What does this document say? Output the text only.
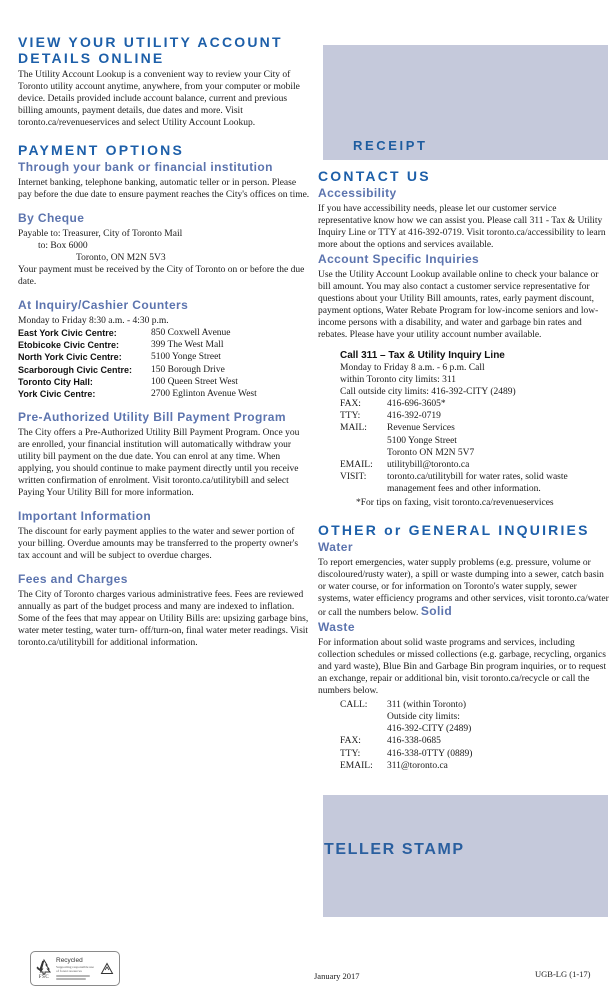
VIEW YOUR UTILITY ACCOUNT DETAILS ONLINE

The Utility Account Lookup is a convenient way to review your City of Toronto utility account anytime, anywhere, from your computer or mobile device. Details provided include account balance, current and previous billing amounts, payment details, due dates and more. Visit toronto.ca/revenueservices and select Utility Account Lookup.

PAYMENT OPTIONS
Through your bank or financial institution

Internet banking, telephone banking, automatic teller or in person. Please pay before the due date to ensure payment reaches the City's offices on time.

By Cheque
Payable to: Treasurer, City of Toronto Mail
to: Box 6000
Toronto, ON M2N 5V3

Your payment must be received by the City of Toronto on or before the due date.

At Inquiry/Cashier Counters
Monday to Friday 8:30 a.m. - 4:30 p.m.
East York Civic Centre:	850 Coxwell Avenue
Etobicoke Civic Centre:	399 The West Mall
North York Civic Centre:	5100 Yonge Street
Scarborough Civic Centre:	150 Borough Drive
Toronto City Hall:	100 Queen Street West
York Civic Centre:	2700 Eglinton Avenue West
Pre-Authorized Utility Bill Payment Program

The City offers a Pre-Authorized Utility Bill Payment Program. Once you are enrolled, your financial institution will automatically withdraw your utility bill payment on the due date. You can enrol at any time. When applying, you should continue to make payment directly until you receive written confirmation of enrolment. Visit toronto.ca/utilitybill and select Paying Your Utility Bill for more information.

Important Information

The discount for early payment applies to the water and sewer portion of your billing. Overdue amounts may be transferred to the property owner's tax account and will be subject to overdue charges.

Fees and Charges

The City of Toronto charges various administrative fees. Fees are reviewed annually as part of the budget process and many are indexed to inflation. Some of the fees that may appear on Utility Bills are: upsizing garbage bins, water meter testing, water turn- off/turn-on, final water meter readings. Visit toronto.ca/utilitybill for additional information.

RECEIPT
CONTACT US
Accessibility

If you have accessibility needs, please let our customer service representative know how we can assist you. Please call 311 - Tax & Utility Inquiry Line or TTY at 416-392-0719. Visit toronto.ca/accessibility to learn more about the options and services available.

Account Specific Inquiries

Use the Utility Account Lookup available online to check your balance or bill amount. You may also contact a customer service representative for questions about your Utility Bill amounts, rates, early payment discount, payment options, Water Rebate Program for low-income seniors and low-income persons with a disability, and water and garbage bin rates and rebates. Please have your utility account number available.

Call 311 – Tax & Utility Inquiry Line
Monday to Friday 8 a.m. - 6 p.m. Call
within Toronto city limits: 311
Call outside city limits: 416-392-CITY (2489)
FAX:	416-696-3605*
TTY:	416-392-0719
MAIL:	Revenue Services
5100 Yonge Street
Toronto ON M2N 5V7
EMAIL:	utilitybill@toronto.ca
VISIT:	toronto.ca/utilitybill for water rates, solid waste
management fees and other information.
*For tips on faxing, visit toronto.ca/revenueservices
OTHER or GENERAL INQUIRIES
Water

To report emergencies, water supply problems (e.g. pressure, volume or discoloured/rusty water), a spill or waste dumping into a sewer, catch basin or water course, or for information on Toronto's water supply, sewer systems, water efficiency programs and other services, visit toronto.ca/water or call the numbers below. Solid

Waste

For information about solid waste programs and services, including collection schedules or missed collections (e.g. garbage, recycling, organics and yard waste), Blue Bin and Garbage Bin program inquiries, or to request an exchange, repair or additional bin, visit toronto.ca/recycle or call the numbers below.

CALL:	311 (within Toronto)
Outside city limits:
416-392-CITY (2489)
FAX:	416-338-0685
TTY:	416-338-0TTY (0889)
EMAIL:	311@toronto.ca
TELLER STAMP
FSC
Recycled
Supporting responsible use of forest resources	January 2017	UGB-LG (1-17)
